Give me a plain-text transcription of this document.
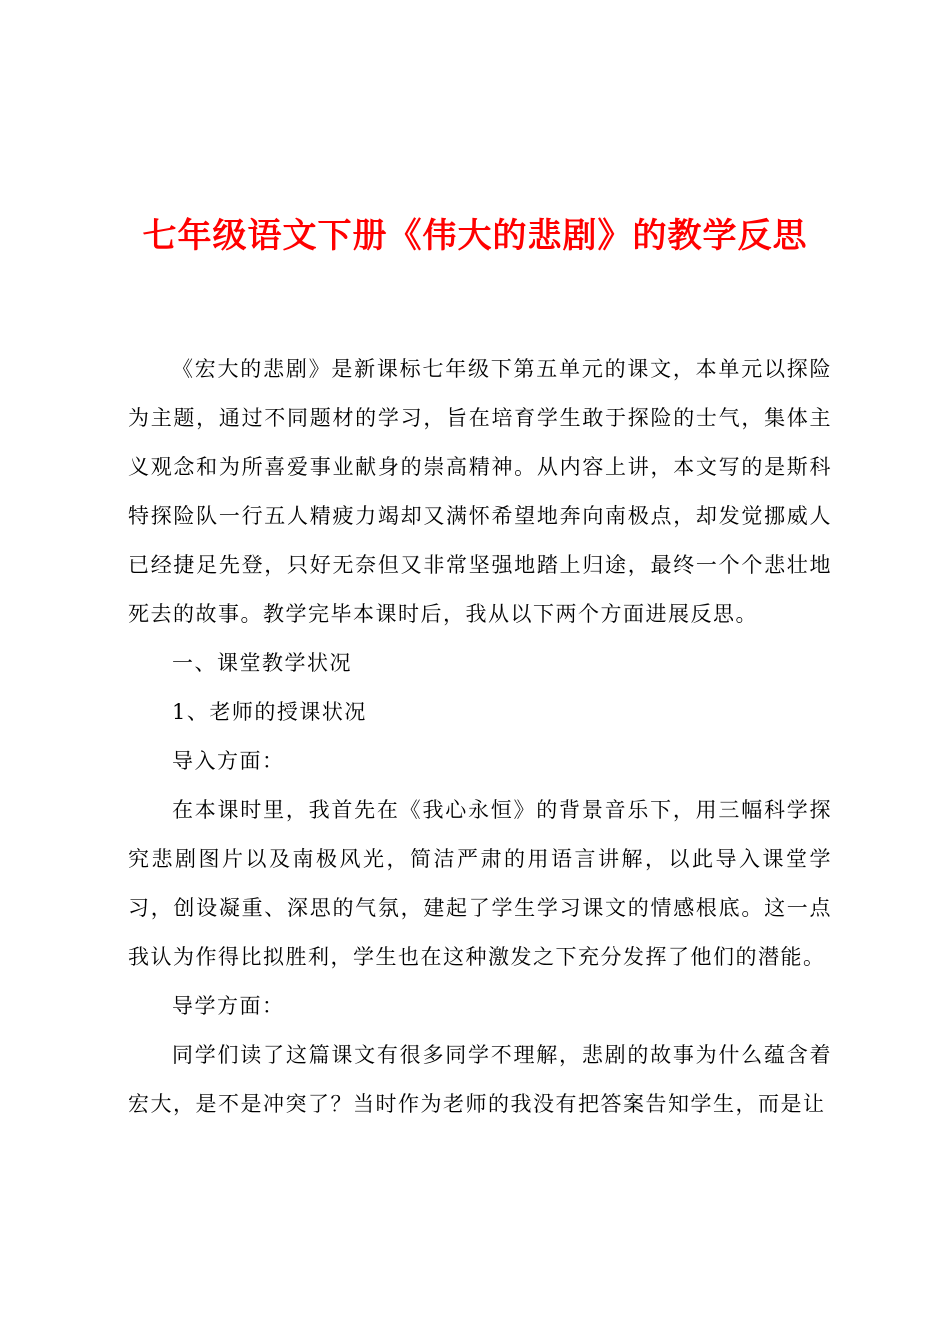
七年级语文下册《伟大的悲剧》的教学反思

《宏大的悲剧》是新课标七年级下第五单元的课文，本单元以探险为主题，通过不同题材的学习，旨在培育学生敢于探险的士气，集体主义观念和为所喜爱事业献身的崇高精神。从内容上讲，本文写的是斯科特探险队一行五人精疲力竭却又满怀希望地奔向南极点，却发觉挪威人已经捷足先登，只好无奈但又非常坚强地踏上归途，最终一个个悲壮地死去的故事。教学完毕本课时后，我从以下两个方面进展反思。

一、课堂教学状况

1、老师的授课状况

导入方面：

在本课时里，我首先在《我心永恒》的背景音乐下，用三幅科学探究悲剧图片以及南极风光，简洁严肃的用语言讲解，以此导入课堂学习，创设凝重、深思的气氛，建起了学生学习课文的情感根底。这一点我认为作得比拟胜利，学生也在这种激发之下充分发挥了他们的潜能。

导学方面：

同学们读了这篇课文有很多同学不理解，悲剧的故事为什么蕴含着宏大，是不是冲突了？当时作为老师的我没有把答案告知学生，而是让
